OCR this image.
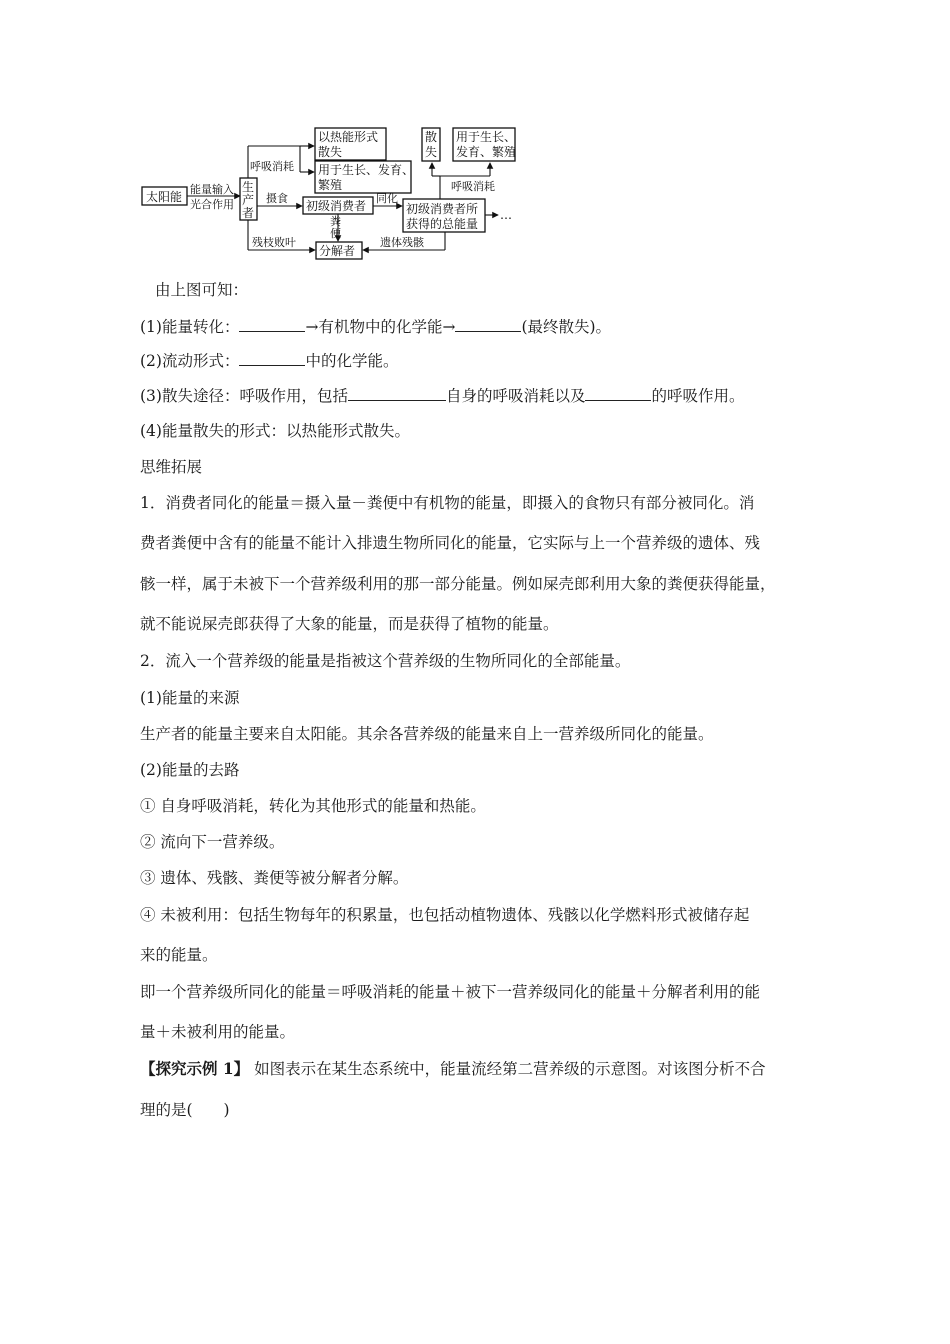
太阳能
能量输入
光合作用
生
产
者
呼吸消耗
以热能形式
散失
用于生长、发育、
繁殖
摄食
初级消费者
同化
初级消费者所
获得的总能量
…
呼吸消耗
散
失
用于生长、
发育、繁殖
残枝败叶
粪
便
分解者
遗体残骸
由上图可知：
(1)能量转化：	→有机物中的化学能→	(最终散失)。
(2)流动形式：	中的化学能。
(3)散失途径：呼吸作用，包括	自身的呼吸消耗以及	的呼吸作用。
(4)能量散失的形式：以热能形式散失。
思维拓展
1．消费者同化的能量＝摄入量－粪便中有机物的能量，即摄入的食物只有部分被同化。消
费者粪便中含有的能量不能计入排遗生物所同化的能量，它实际与上一个营养级的遗体、残
骸一样，属于未被下一个营养级利用的那一部分能量。例如屎壳郎利用大象的粪便获得能量，
就不能说屎壳郎获得了大象的能量，而是获得了植物的能量。
2．流入一个营养级的能量是指被这个营养级的生物所同化的全部能量。
(1)能量的来源
生产者的能量主要来自太阳能。其余各营养级的能量来自上一营养级所同化的能量。
(2)能量的去路
① 自身呼吸消耗，转化为其他形式的能量和热能。
② 流向下一营养级。
③ 遗体、残骸、粪便等被分解者分解。
④ 未被利用：包括生物每年的积累量，也包括动植物遗体、残骸以化学燃料形式被储存起
来的能量。
即一个营养级所同化的能量＝呼吸消耗的能量＋被下一营养级同化的能量＋分解者利用的能
量＋未被利用的能量。
【探究示例 1】 如图表示在某生态系统中，能量流经第二营养级的示意图。对该图分析不合
理的是(　　)
